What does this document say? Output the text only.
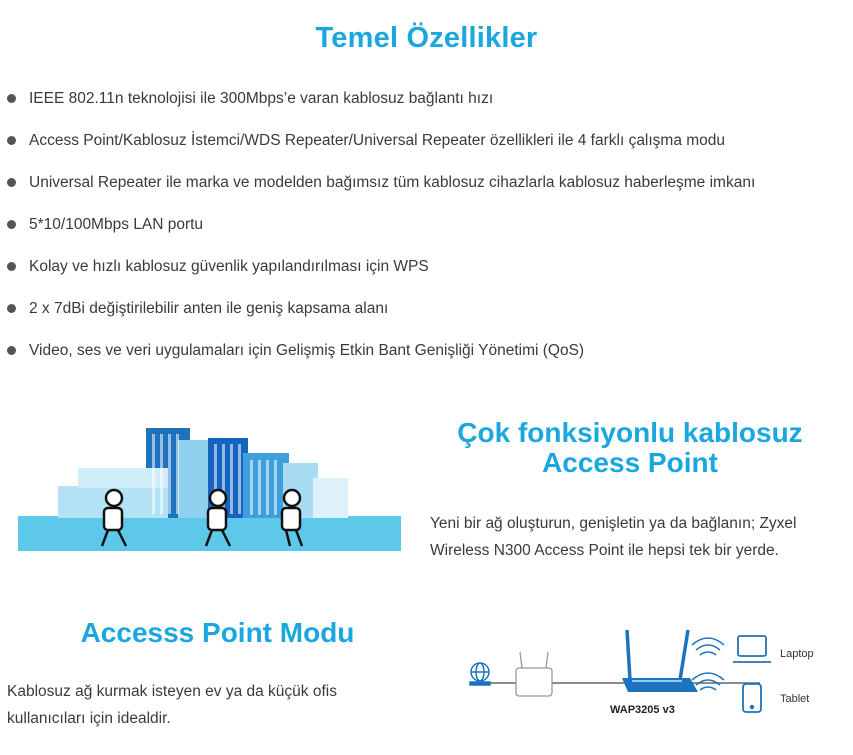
Temel Özellikler
IEEE 802.11n teknolojisi ile 300Mbps’e varan kablosuz bağlantı hızı
Access Point/Kablosuz İstemci/WDS Repeater/Universal Repeater özellikleri ile 4 farklı çalışma modu
Universal Repeater ile marka ve modelden bağımsız tüm kablosuz cihazlarla kablosuz haberleşme imkanı
5*10/100Mbps LAN portu
Kolay ve hızlı kablosuz güvenlik yapılandırılması için WPS
2 x 7dBi değiştirilebilir anten ile geniş kapsama alanı
Video, ses ve veri uygulamaları için Gelişmiş Etkin Bant Genişliği Yönetimi (QoS)
Çok fonksiyonlu kablosuz
Access Point
Yeni bir ağ oluşturun, genişletin ya da bağlanın; Zyxel
Wireless N300 Access Point ile hepsi tek bir yerde.
Accesss Point Modu
Kablosuz ağ kurmak isteyen ev ya da küçük ofis
kullanıcıları için idealdir.	WAP3205 v3
Laptop
Tablet
